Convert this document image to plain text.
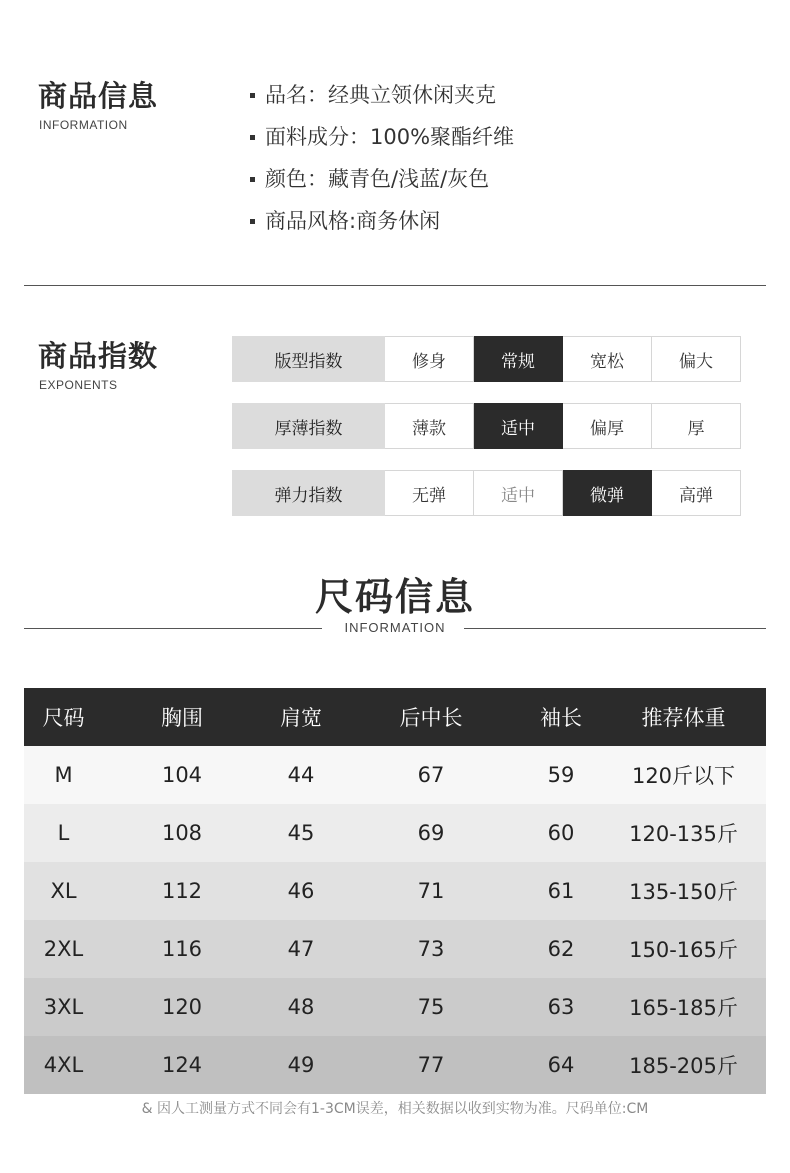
商品信息
INFORMATION
品名：经典立领休闲夹克
面料成分：100%聚酯纤维
颜色：藏青色/浅蓝/灰色
商品风格:商务休闲
商品指数
EXPONENTS
版型指数	修身	常规	宽松	偏大
厚薄指数	薄款	适中	偏厚	厚
弹力指数	无弹	适中	微弹	高弹
尺码信息
INFORMATION
尺码	胸围	肩宽	后中长	袖长	推荐体重
M	104	44	67	59	120斤以下
L	108	45	69	60	120-135斤
XL	112	46	71	61	135-150斤
2XL	116	47	73	62	150-165斤
3XL	120	48	75	63	165-185斤
4XL	124	49	77	64	185-205斤
& 因人工测量方式不同会有1-3CM误差，相关数据以收到实物为准。尺码单位:CM
